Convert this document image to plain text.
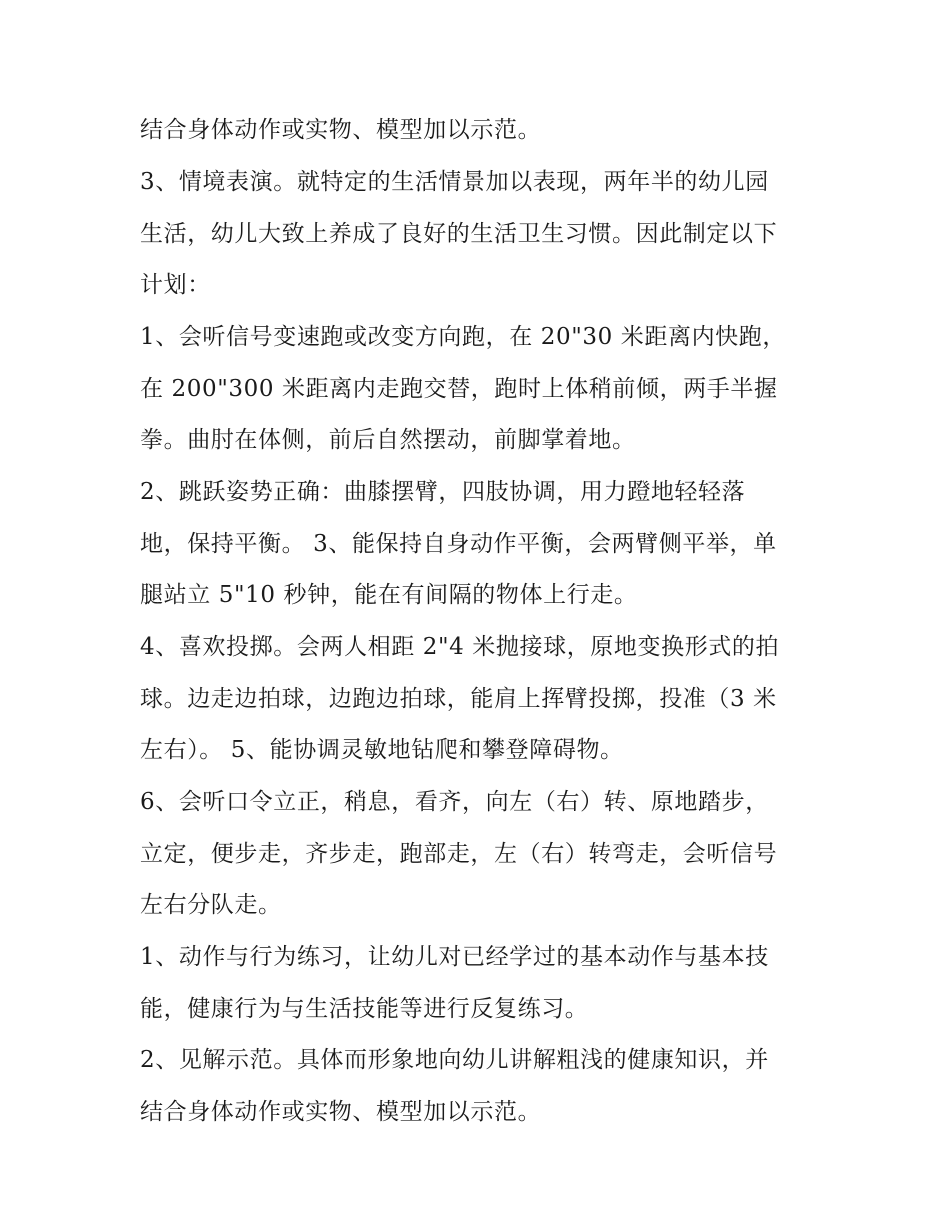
结合身体动作或实物、模型加以示范。
3、情境表演。就特定的生活情景加以表现，两年半的幼儿园
生活，幼儿大致上养成了良好的生活卫生习惯。因此制定以下
计划：
1、会听信号变速跑或改变方向跑，在 20"30 米距离内快跑，
在 200"300 米距离内走跑交替，跑时上体稍前倾，两手半握
拳。曲肘在体侧，前后自然摆动，前脚掌着地。
2、跳跃姿势正确：曲膝摆臂，四肢协调，用力蹬地轻轻落
地，保持平衡。 3、能保持自身动作平衡，会两臂侧平举，单
腿站立 5"10 秒钟，能在有间隔的物体上行走。
4、喜欢投掷。会两人相距 2"4 米抛接球，原地变换形式的拍
球。边走边拍球，边跑边拍球，能肩上挥臂投掷，投准（3 米
左右）。 5、能协调灵敏地钻爬和攀登障碍物。
6、会听口令立正，稍息，看齐，向左（右）转、原地踏步，
立定，便步走，齐步走，跑部走，左（右）转弯走，会听信号
左右分队走。
1、动作与行为练习，让幼儿对已经学过的基本动作与基本技
能，健康行为与生活技能等进行反复练习。
2、见解示范。具体而形象地向幼儿讲解粗浅的健康知识，并
结合身体动作或实物、模型加以示范。
